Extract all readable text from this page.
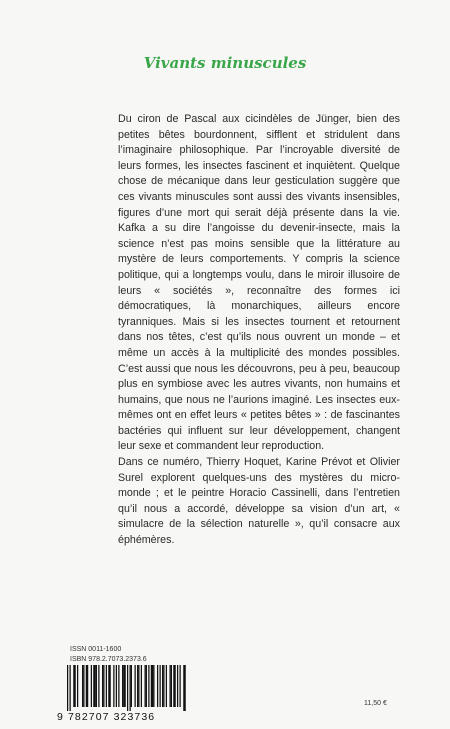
Vivants minuscules

Du ciron de Pascal aux cicindèles de Jünger, bien des petites bêtes bourdonnent, sifflent et stridulent dans l’imaginaire philosophique. Par l’incroyable diversité de leurs formes, les insectes fascinent et inquiètent. Quelque chose de mécanique dans leur gesticulation suggère que ces vivants minuscules sont aussi des vivants insensibles, figures d’une mort qui serait déjà présente dans la vie. Kafka a su dire l’angoisse du devenir-insecte, mais la science n’est pas moins sensible que la littérature au mystère de leurs comportements. Y compris la science politique, qui a longtemps voulu, dans le miroir illusoire de leurs « sociétés », reconnaître des formes ici démocratiques, là monarchiques, ailleurs encore tyranniques. Mais si les insectes tournent et retournent dans nos têtes, c’est qu’ils nous ouvrent un monde – et même un accès à la multiplicité des mondes possibles. C’est aussi que nous les découvrons, peu à peu, beaucoup plus en symbiose avec les autres vivants, non humains et humains, que nous ne l’aurions imaginé. Les insectes eux-mêmes ont en effet leurs « petites bêtes » : de fascinantes bactéries qui influent sur leur développement, changent leur sexe et commandent leur reproduction.

Dans ce numéro, Thierry Hoquet, Karine Prévot et Olivier Surel explorent quelques-uns des mystères du micro-monde ; et le peintre Horacio Cassinelli, dans l’entretien qu’il nous a accordé, développe sa vision d’un art, « simulacre de la sélection naturelle », qu’il consacre aux éphémères.

ISSN 0011-1600
ISBN 978.2.7073.2373.6
9 782707 323736
11,50 €
